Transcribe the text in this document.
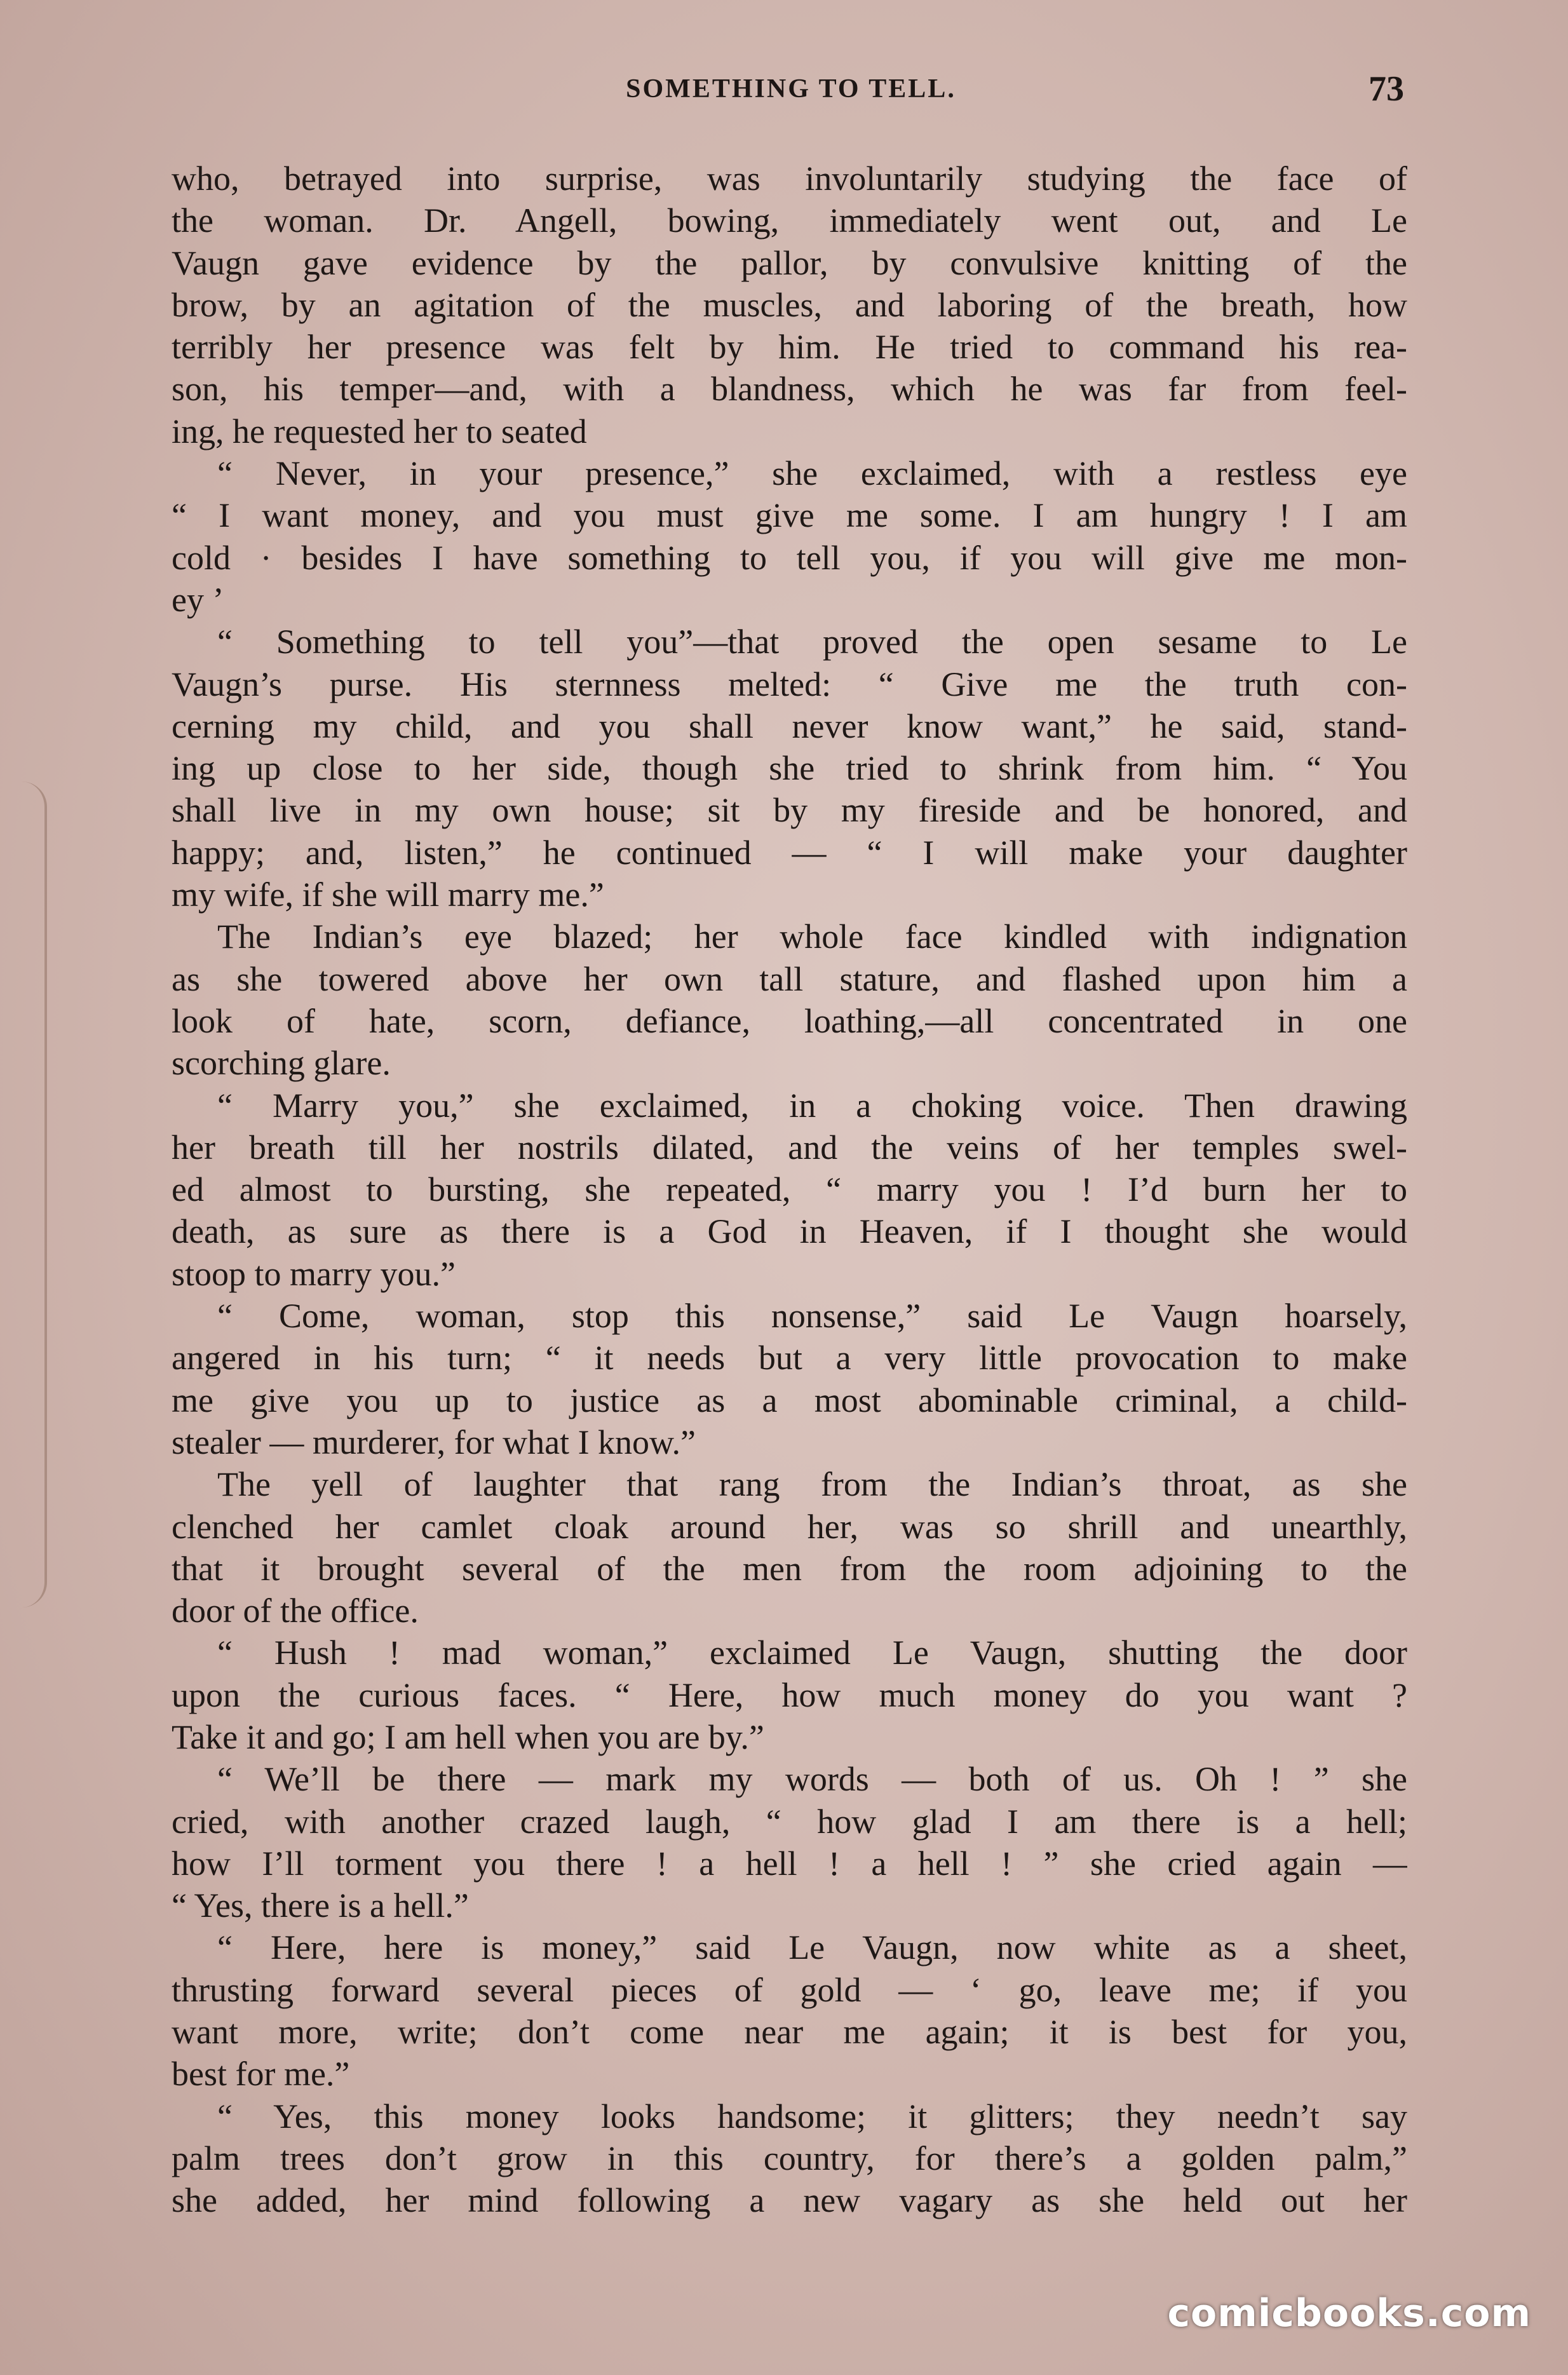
SOMETHING TO TELL.	73
who, betrayed into surprise, was involuntarily studying the face of
the woman. Dr. Angell, bowing, immediately went out, and Le
Vaugn gave evidence by the pallor, by convulsive knitting of the
brow, by an agitation of the muscles, and laboring of the breath, how
terribly her presence was felt by him. He tried to command his rea-
son, his temper—and, with a blandness, which he was far from feel-
ing, he requested her to seated
“ Never, in your presence,” she exclaimed, with a restless eye
“ I want money, and you must give me some. I am hungry ! I am
cold · besides I have something to tell you, if you will give me mon-
ey ’
“ Something to tell you”—that proved the open sesame to Le
Vaugn’s purse. His sternness melted: “ Give me the truth con-
cerning my child, and you shall never know want,” he said, stand-
ing up close to her side, though she tried to shrink from him. “ You
shall live in my own house; sit by my fireside and be honored, and
happy; and, listen,” he continued — “ I will make your daughter
my wife, if she will marry me.”
The Indian’s eye blazed; her whole face kindled with indignation
as she towered above her own tall stature, and flashed upon him a
look of hate, scorn, defiance, loathing,—all concentrated in one
scorching glare.
“ Marry you,” she exclaimed, in a choking voice. Then drawing
her breath till her nostrils dilated, and the veins of her temples swel-
ed almost to bursting, she repeated, “ marry you ! I’d burn her to
death, as sure as there is a God in Heaven, if I thought she would
stoop to marry you.”
“ Come, woman, stop this nonsense,” said Le Vaugn hoarsely,
angered in his turn; “ it needs but a very little provocation to make
me give you up to justice as a most abominable criminal, a child-
stealer — murderer, for what I know.”
The yell of laughter that rang from the Indian’s throat, as she
clenched her camlet cloak around her, was so shrill and unearthly,
that it brought several of the men from the room adjoining to the
door of the office.
“ Hush ! mad woman,” exclaimed Le Vaugn, shutting the door
upon the curious faces. “ Here, how much money do you want ?
Take it and go; I am hell when you are by.”
“ We’ll be there — mark my words — both of us. Oh ! ” she
cried, with another crazed laugh, “ how glad I am there is a hell;
how I’ll torment you there ! a hell ! a hell ! ” she cried again —
“ Yes, there is a hell.”
“ Here, here is money,” said Le Vaugn, now white as a sheet,
thrusting forward several pieces of gold — ‘ go, leave me; if you
want more, write; don’t come near me again; it is best for you,
best for me.”
“ Yes, this money looks handsome; it glitters; they needn’t say
palm trees don’t grow in this country, for there’s a golden palm,”
she added, her mind following a new vagary as she held out her
comicbooks.com
